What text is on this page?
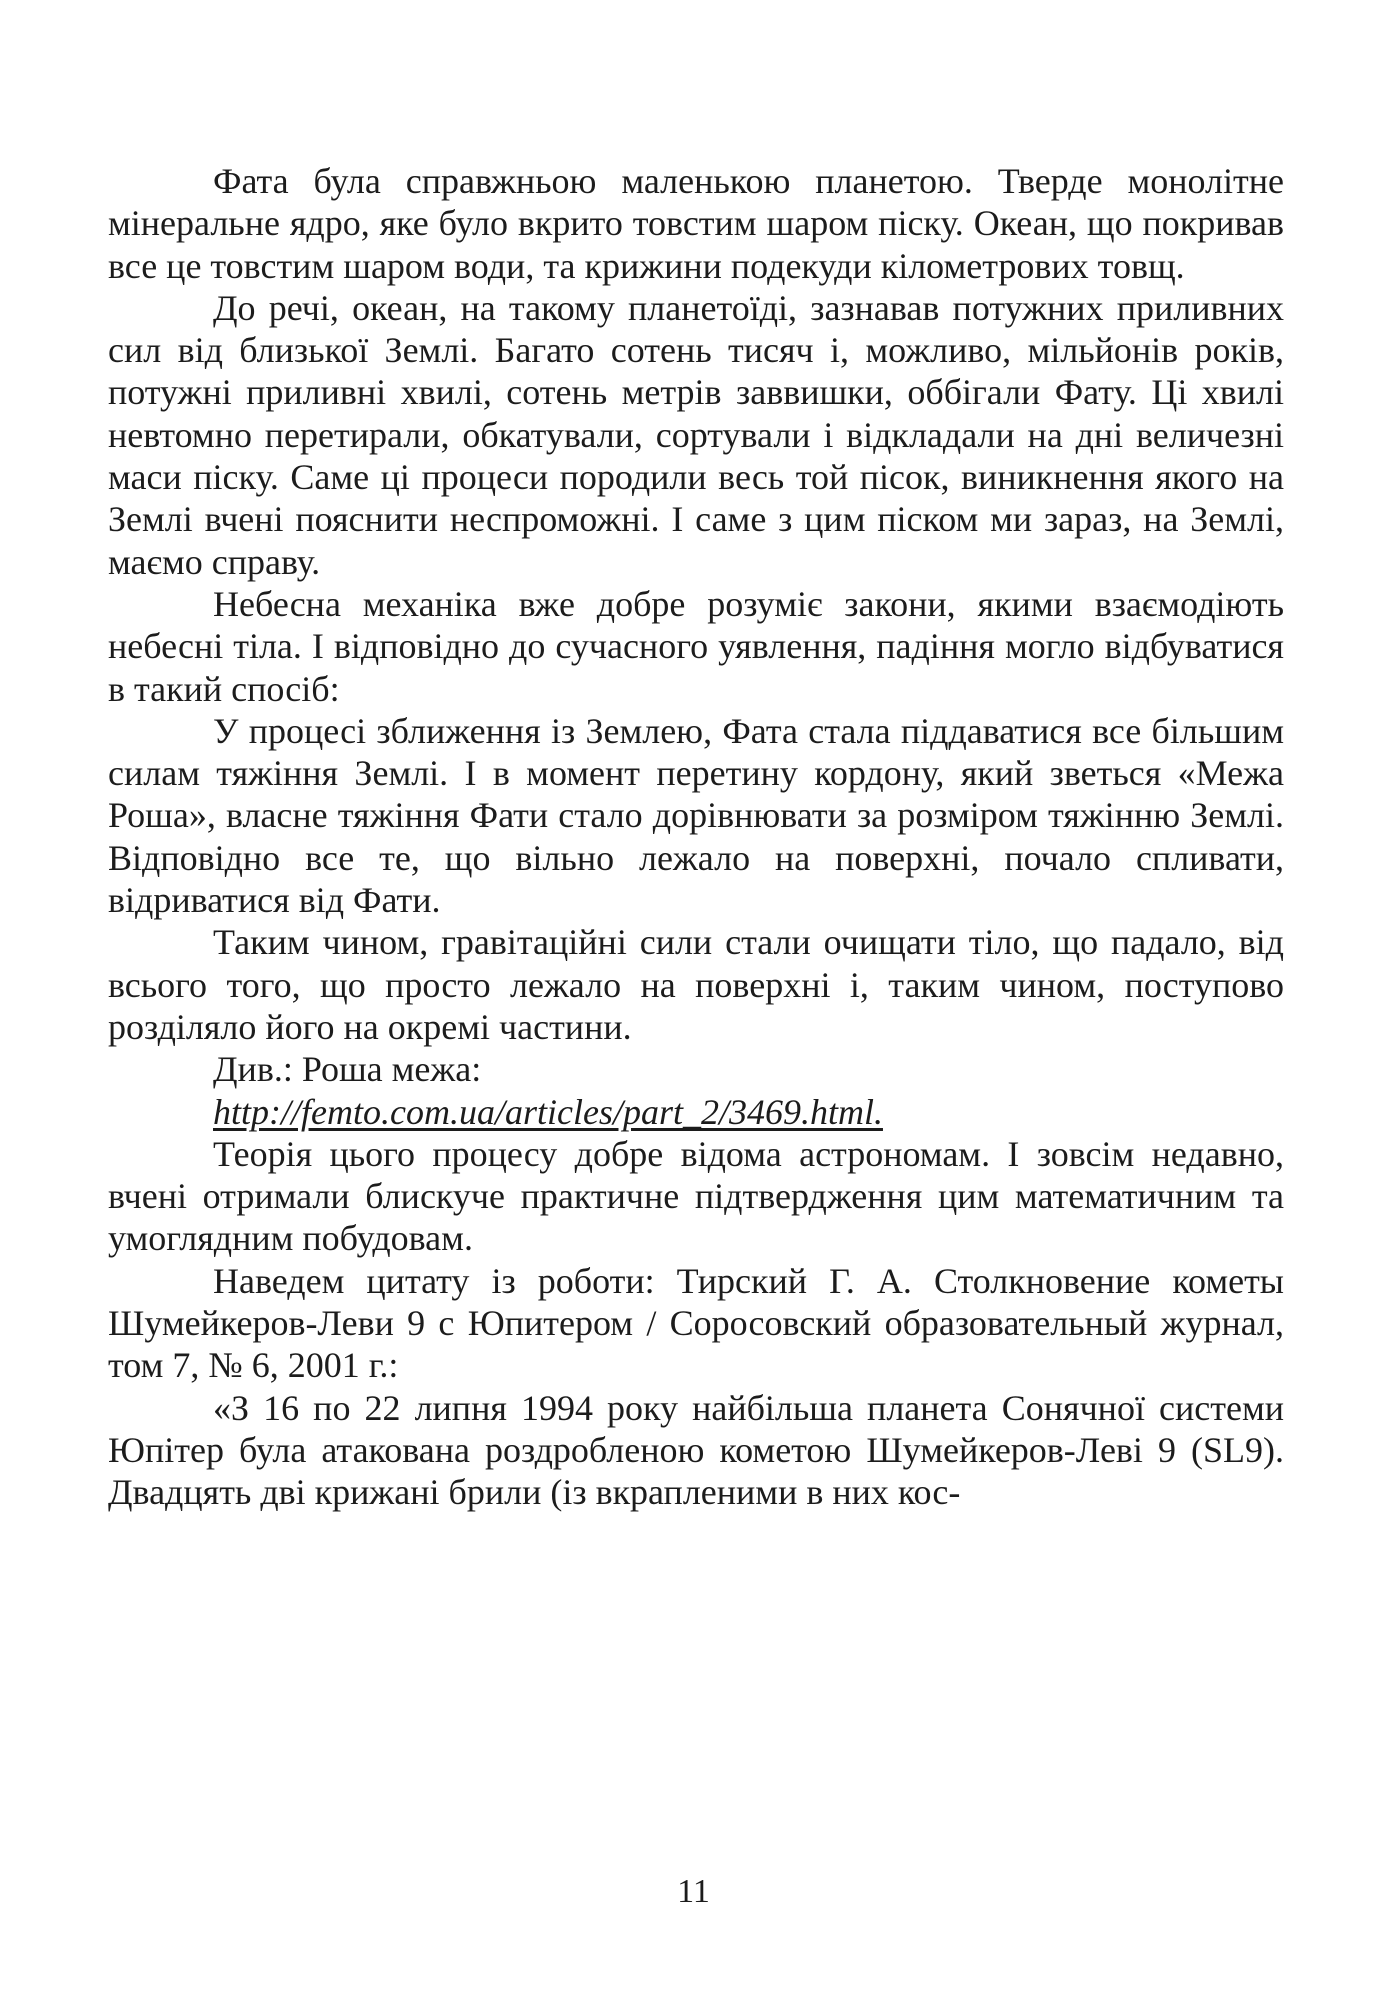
Фата була справжньою маленькою планетою. Тверде монолітне мінеральне ядро, яке було вкрито товстим шаром піску. Океан, що покривав все це товстим шаром води, та крижини подекуди кілометрових товщ.

До речі, океан, на такому планетоїді, зазнавав потужних приливних сил від близької Землі. Багато сотень тисяч і, можливо, мільйонів років, потужні приливні хвилі, сотень метрів заввишки, оббігали Фату. Ці хвилі невтомно перетирали, обкатували, сортували і відкладали на дні величезні маси піску. Саме ці процеси породили весь той пісок, виникнення якого на Землі вчені пояснити неспроможні. І саме з цим піском ми зараз, на Землі, маємо справу.

Небесна механіка вже добре розуміє закони, якими взаємодіють небесні тіла. І відповідно до сучасного уявлення, падіння могло відбуватися в такий спосіб:

У процесі зближення із Землею, Фата стала піддаватися все більшим силам тяжіння Землі. І в момент перетину кордону, який зветься «Межа Роша», власне тяжіння Фати стало дорівнювати за розміром тяжінню Землі. Відповідно все те, що вільно лежало на поверхні, почало спливати, відриватися від Фати.

Таким чином, гравітаційні сили стали очищати тіло, що падало, від всього того, що просто лежало на поверхні і, таким чином, поступово розділяло його на окремі частини.

Див.: Роша межа:

http://femto.com.ua/articles/part_2/3469.html.

Теорія цього процесу добре відома астрономам. І зовсім недавно, вчені отримали блискуче практичне підтвердження цим математичним та умоглядним побудовам.

Наведем цитату із роботи: Тирский Г. А. Столкновение кометы Шумейкеров-Леви 9 с Юпитером / Соросовский образовательный журнал, том 7, № 6, 2001 г.:

«З 16 по 22 липня 1994 року найбільша планета Сонячної системи Юпітер була атакована роздробленою кометою Шумейкеров-Леві 9 (SL9). Двадцять дві крижані брили (із вкрапленими в них кос-

11
